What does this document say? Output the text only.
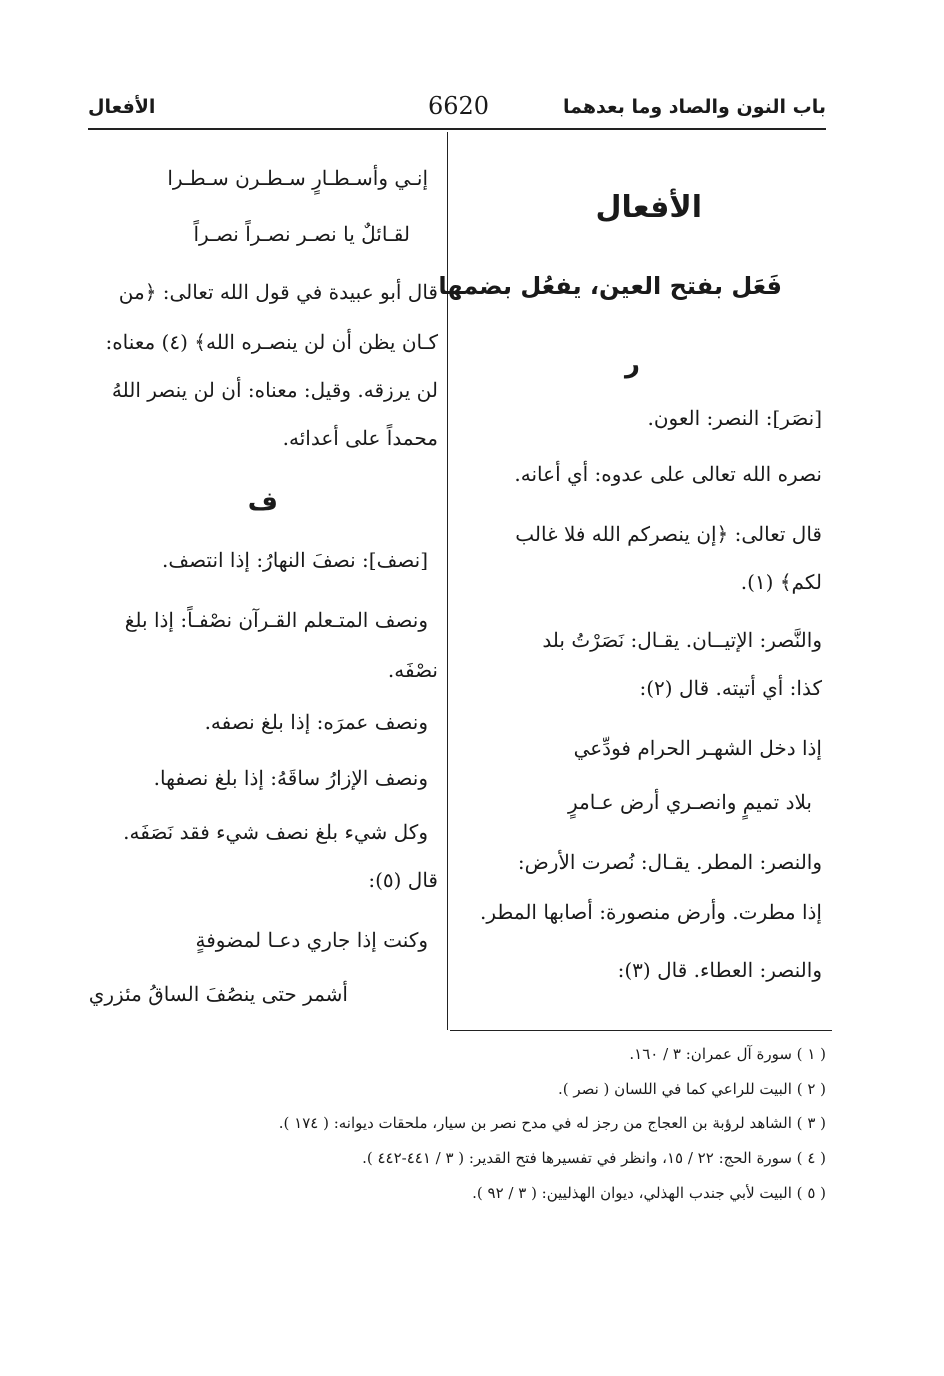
باب النون والصاد وما بعدهما
6620
الأفعال
الأفعال
فَعَل بفتح العين، يفعُل بضمها
ر
[نصَر]: النصر: العون.
نصره الله تعالى على عدوه: أي أعانه.
قال تعالى: ﴿إن ينصركم الله فلا غالب
لكم﴾ (١).
والنَّصر: الإتيــان. يقـال: نَصَرْتُ بلد
كذا: أي أتيته. قال (٢):
إذا دخل الشهـر الحرام فودِّعي
بلاد تميمٍ وانصـري أرض عـامرٍ
والنصر: المطر. يقـال: نُصرت الأرض:
إذا مطرت. وأرض منصورة: أصابها المطر.
والنصر: العطاء. قال (٣):
إنـي وأسـطـارٍ سـطـرن سـطـرا
لقـائلٌ يا نصـر نصـراً نصـراً
قال أبو عبيدة في قول الله تعالى: ﴿من
كـان يظن أن لن ينصـره الله﴾ (٤) معناه:
لن يرزقه. وقيل: معناه: أن لن ينصر اللهُ
محمداً على أعدائه.
ف
[نصف]: نصفَ النهارُ: إذا انتصف.
ونصف المتـعلم القـرآن نصْفـاً: إذا بلغ
نصْفَه.
ونصف عمرَه: إذا بلغ نصفه.
ونصف الإزارُ ساقَهُ: إذا بلغ نصفها.
وكل شيء بلغ نصف شيء فقد نَصَفَه.
قال (٥):
وكنت إذا جاري دعـا لمضوفةٍ
أشمر حتى ينصُفَ الساقُ مئزري
( ١ ) سورة آل عمران: ٣ / ١٦٠.
( ٢ ) البيت للراعي كما في اللسان ( نصر ).
( ٣ ) الشاهد لرؤبة بن العجاج من رجز له في مدح نصر بن سيار، ملحقات ديوانه: ( ١٧٤ ).
( ٤ ) سورة الحج: ٢٢ / ١٥، وانظر في تفسيرها فتح القدير: ( ٣ / ٤٤١-٤٤٢ ).
( ٥ ) البيت لأبي جندب الهذلي، ديوان الهذليين: ( ٣ / ٩٢ ).
